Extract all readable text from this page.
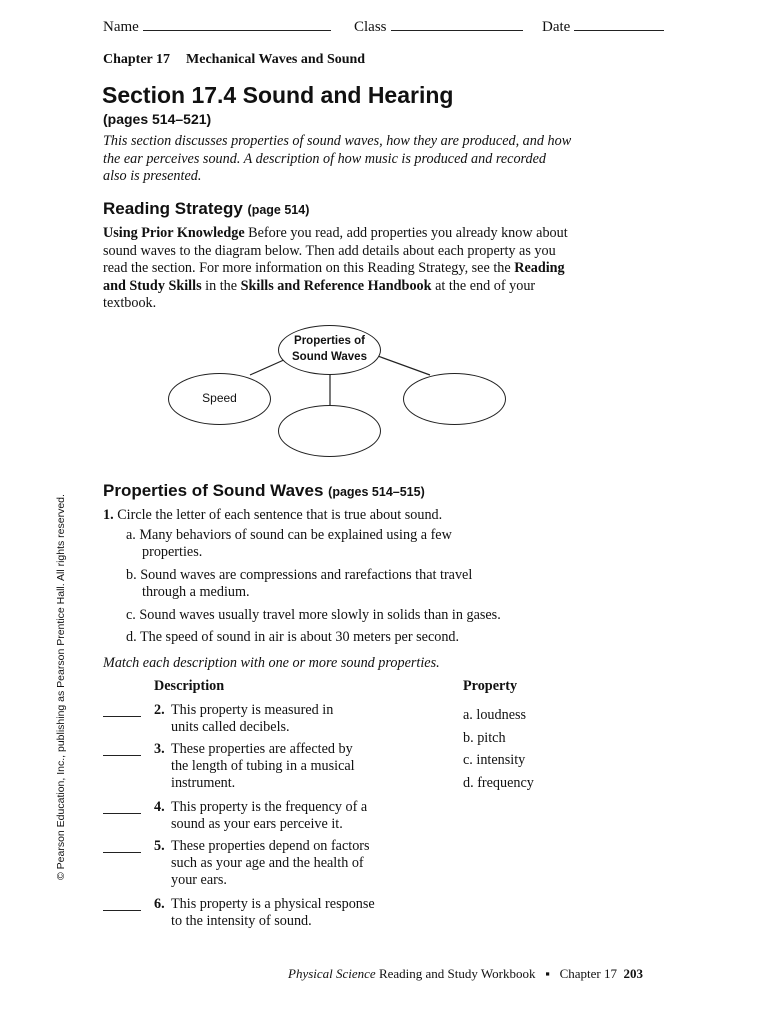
Name	Class	Date
Chapter 17 Mechanical Waves and Sound
Section 17.4 Sound and Hearing
(pages 514–521)
This section discusses properties of sound waves, how they are produced, and how the ear perceives sound. A description of how music is produced and recorded also is presented.
Reading Strategy (page 514)
Using Prior Knowledge Before you read, add properties you already know about sound waves to the diagram below. Then add details about each property as you read the section. For more information on this Reading Strategy, see the Reading and Study Skills in the Skills and Reference Handbook at the end of your textbook.
Properties of
Sound Waves
Speed
Properties of Sound Waves (pages 514–515)
1. Circle the letter of each sentence that is true about sound.
a. Many behaviors of sound can be explained using a few
properties.
b. Sound waves are compressions and rarefactions that travel
through a medium.
c. Sound waves usually travel more slowly in solids than in gases.
d. The speed of sound in air is about 30 meters per second.
Match each description with one or more sound properties.
Description	Property
2. This property is measured in
units called decibels.
3. These properties are affected by
the length of tubing in a musical
instrument.
4. This property is the frequency of a
sound as your ears perceive it.
5. These properties depend on factors
such as your age and the health of
your ears.
6. This property is a physical response
to the intensity of sound.
a. loudness
b. pitch
c. intensity
d. frequency
© Pearson Education, Inc., publishing as Pearson Prentice Hall. All rights reserved.
Physical Science Reading and Study Workbook ▪ Chapter 17 203
